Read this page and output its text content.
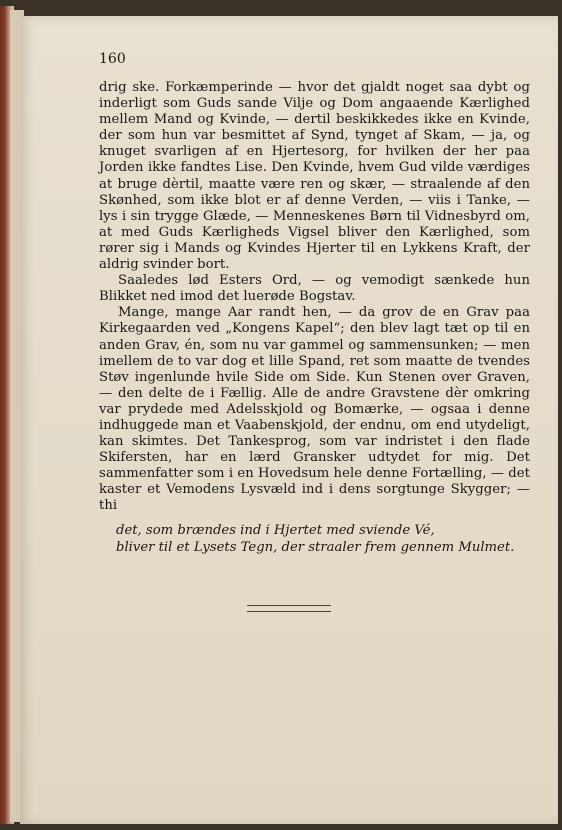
160

drig ske. Forkæmperinde — hvor det gjaldt noget saa dybt og inderligt som Guds sande Vilje og Dom angaaende Kærlighed mellem Mand og Kvinde, — dertil beskikkedes ikke en Kvinde, der som hun var besmittet af Synd, tynget af Skam, — ja, og knuget svarligen af en Hjertesorg, for hvilken der her paa Jorden ikke fandtes Lise. Den Kvinde, hvem Gud vilde værdiges at bruge dèrtil, maatte være ren og skær, — straalende af den Skønhed, som ikke blot er af denne Verden, — viis i Tanke, — lys i sin trygge Glæde, — Menneskenes Børn til Vidnesbyrd om, at med Guds Kærligheds Vigsel bliver den Kærlighed, som rører sig i Mands og Kvindes Hjerter til en Lykkens Kraft, der aldrig svinder bort.

Saaledes lød Esters Ord, — og vemodigt sænkede hun Blikket ned imod det luerøde Bogstav.

Mange, mange Aar randt hen, — da grov de en Grav paa Kirkegaarden ved „Kongens Kapel“; den blev lagt tæt op til en anden Grav, én, som nu var gammel og sammensunken; — men imellem de to var dog et lille Spand, ret som maatte de tvendes Støv ingenlunde hvile Side om Side. Kun Stenen over Graven, — den delte de i Fællig. Alle de andre Gravstene dèr omkring var prydede med Adelsskjold og Bomærke, — ogsaa i denne indhuggede man et Vaabenskjold, der endnu, om end utydeligt, kan skimtes. Det Tankesprog, som var indristet i den flade Skifersten, har en lærd Gransker udtydet for mig. Det sammenfatter som i en Hovedsum hele denne Fortælling, — det kaster et Vemodens Lysvæld ind i dens sorgtunge Skygger; — thi

det, som brændes ind i Hjertet med sviende Vé,
bliver til et Lysets Tegn, der straaler frem gennem Mulmet.
